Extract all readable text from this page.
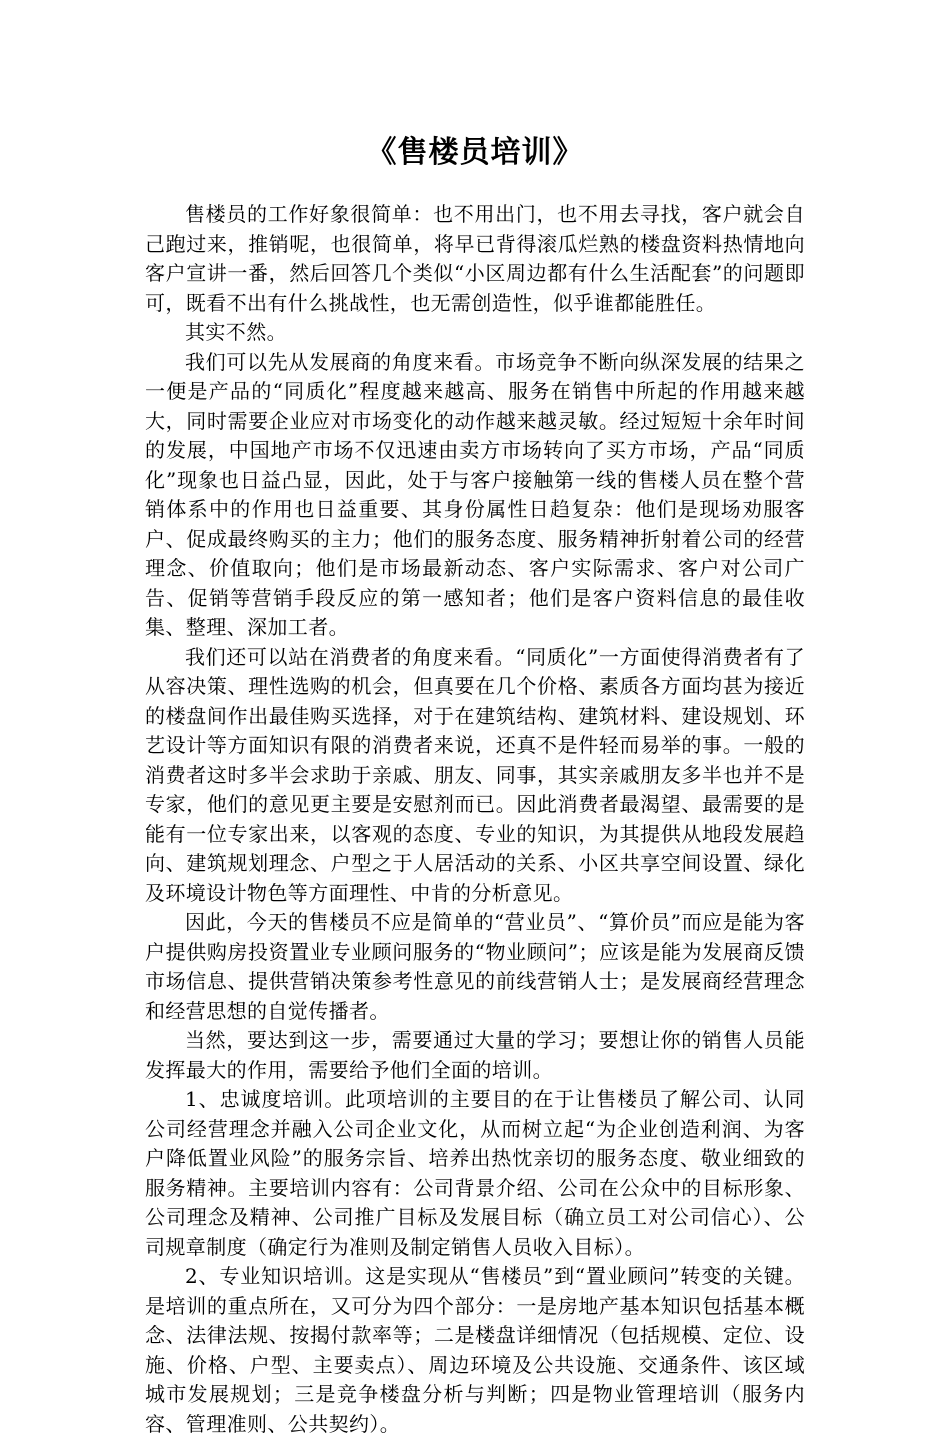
《售楼员培训》

售楼员的工作好象很简单：也不用出门，也不用去寻找，客户就会自己跑过来，推销呢，也很简单，将早已背得滚瓜烂熟的楼盘资料热情地向客户宣讲一番，然后回答几个类似“小区周边都有什么生活配套”的问题即可，既看不出有什么挑战性，也无需创造性，似乎谁都能胜任。

其实不然。

我们可以先从发展商的角度来看。市场竞争不断向纵深发展的结果之一便是产品的“同质化”程度越来越高、服务在销售中所起的作用越来越大，同时需要企业应对市场变化的动作越来越灵敏。经过短短十余年时间的发展，中国地产市场不仅迅速由卖方市场转向了买方市场，产品“同质化”现象也日益凸显，因此，处于与客户接触第一线的售楼人员在整个营销体系中的作用也日益重要、其身份属性日趋复杂：他们是现场劝服客户、促成最终购买的主力；他们的服务态度、服务精神折射着公司的经营理念、价值取向；他们是市场最新动态、客户实际需求、客户对公司广告、促销等营销手段反应的第一感知者；他们是客户资料信息的最佳收集、整理、深加工者。

我们还可以站在消费者的角度来看。“同质化”一方面使得消费者有了从容决策、理性选购的机会，但真要在几个价格、素质各方面均甚为接近的楼盘间作出最佳购买选择，对于在建筑结构、建筑材料、建设规划、环艺设计等方面知识有限的消费者来说，还真不是件轻而易举的事。一般的消费者这时多半会求助于亲戚、朋友、同事，其实亲戚朋友多半也并不是专家，他们的意见更主要是安慰剂而已。因此消费者最渴望、最需要的是能有一位专家出来，以客观的态度、专业的知识，为其提供从地段发展趋向、建筑规划理念、户型之于人居活动的关系、小区共享空间设置、绿化及环境设计物色等方面理性、中肯的分析意见。

因此，今天的售楼员不应是简单的“营业员”、“算价员”而应是能为客户提供购房投资置业专业顾问服务的“物业顾问”；应该是能为发展商反馈市场信息、提供营销决策参考性意见的前线营销人士；是发展商经营理念和经营思想的自觉传播者。

当然，要达到这一步，需要通过大量的学习；要想让你的销售人员能发挥最大的作用，需要给予他们全面的培训。

1、忠诚度培训。此项培训的主要目的在于让售楼员了解公司、认同公司经营理念并融入公司企业文化，从而树立起“为企业创造利润、为客户降低置业风险”的服务宗旨、培养出热忱亲切的服务态度、敬业细致的服务精神。主要培训内容有：公司背景介绍、公司在公众中的目标形象、公司理念及精神、公司推广目标及发展目标（确立员工对公司信心）、公司规章制度（确定行为准则及制定销售人员收入目标）。

2、专业知识培训。这是实现从“售楼员”到“置业顾问”转变的关键。是培训的重点所在，又可分为四个部分：一是房地产基本知识包括基本概念、法律法规、按揭付款率等；二是楼盘详细情况（包括规模、定位、设施、价格、户型、主要卖点）、周边环境及公共设施、交通条件、该区域城市发展规划；三是竞争楼盘分析与判断；四是物业管理培训（服务内容、管理准则、公共契约）。
